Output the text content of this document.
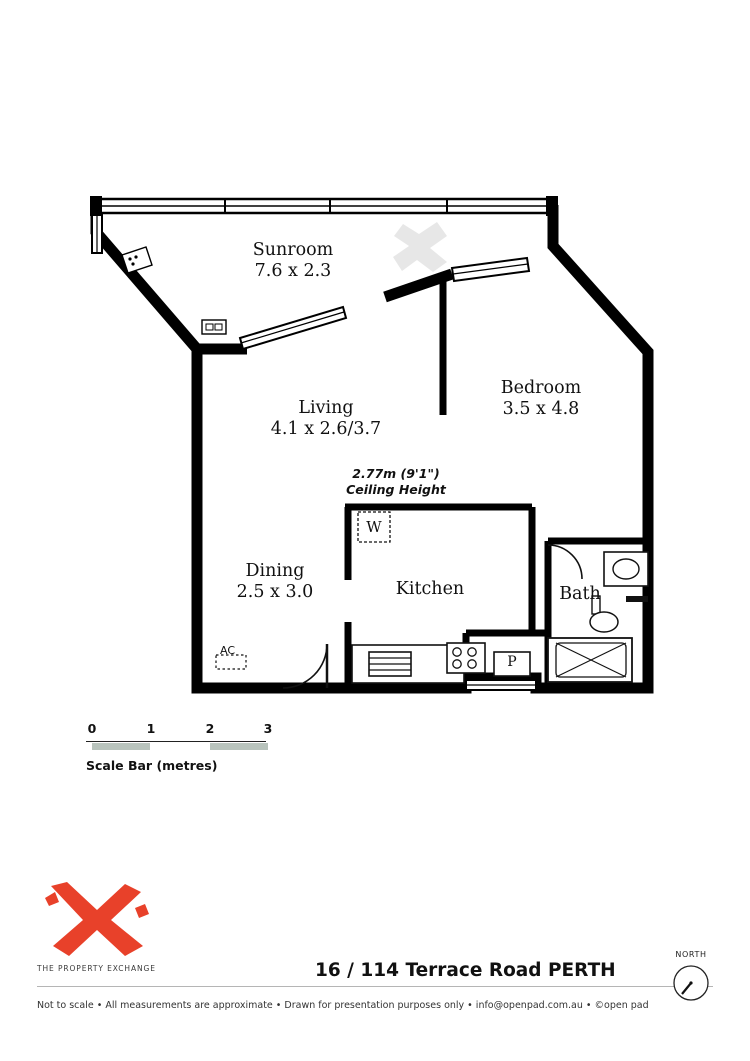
Sunroom
7.6 x 2.3
Bedroom
3.5 x 4.8
Living
4.1 x 2.6/3.7
Dining
2.5 x 3.0	Kitchen	Bath
2.77m (9'1")
Ceiling Height
AC
W
P
0	1	2	3
Scale Bar (metres)
THE PROPERTY EXCHANGE	16 / 114 Terrace Road PERTH
Not to scale • All measurements are approximate • Drawn for presentation purposes only • info@openpad.com.au • ©open pad
NORTH
